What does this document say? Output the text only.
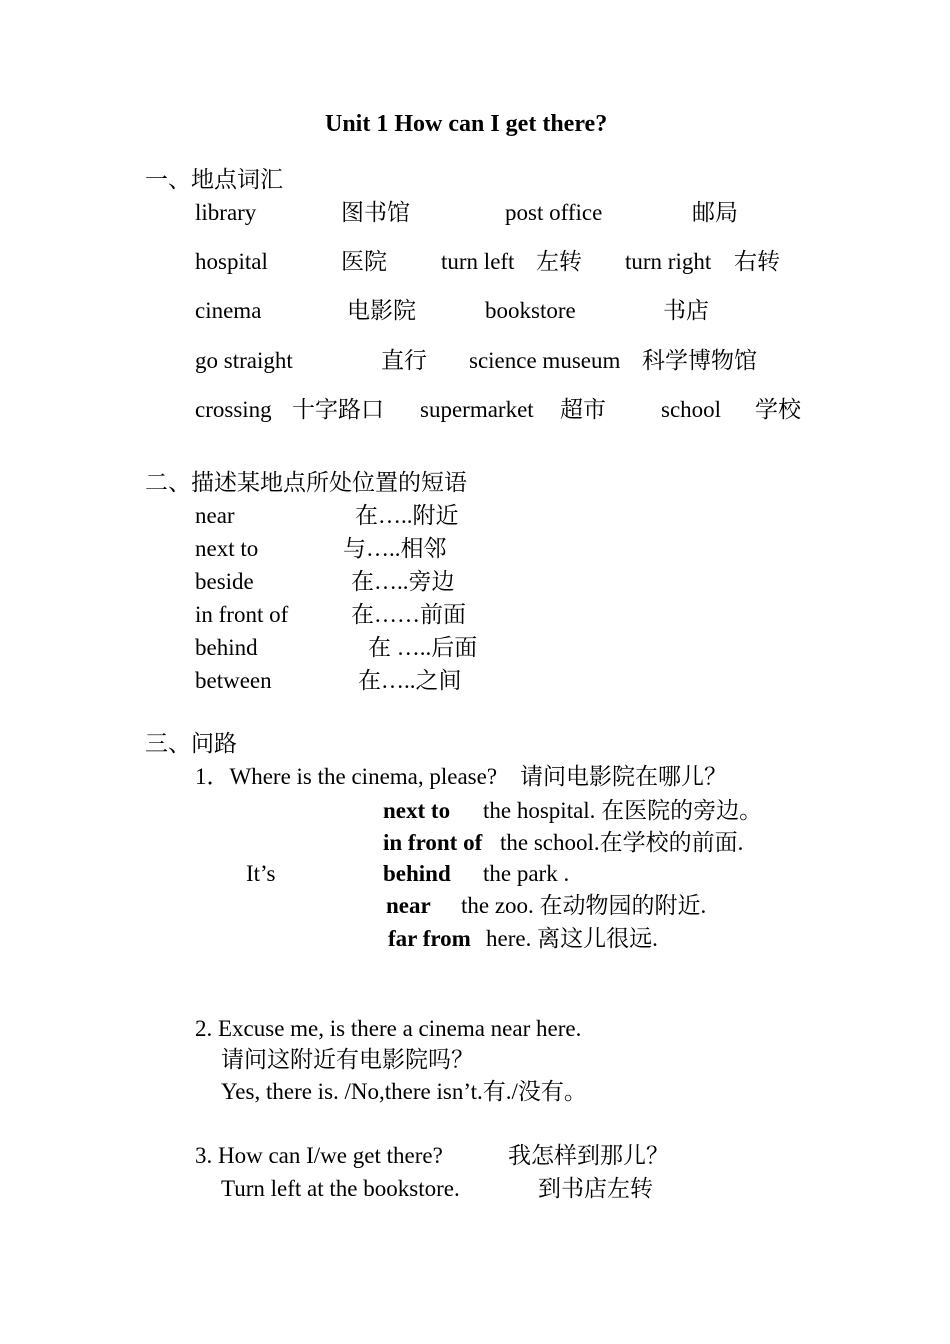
Unit 1 How can I get there?
一、地点词汇
library	图书馆	post office	邮局
hospital	医院 turn left 左转 turn right 右转
cinema	电影院	bookstore	书店
go straight	直行 science museum 科学博物馆
crossing 十字路口 supermarket 超市 school 学校
二、描述某地点所处位置的短语
near	在…..附近
next to	与…..相邻
beside	在…..旁边
in front of	在……前面
behind	在 …..后面
between	在…..之间
三、问路
1．Where is the cinema, please?　请问电影院在哪儿？
next to the hospital. 在医院的旁边。
in front of the school.在学校的前面.
It’s	behind the park .
near the zoo. 在动物园的附近.
far from here. 离这儿很远.
2. Excuse me, is there a cinema near here.
请问这附近有电影院吗？
Yes, there is. /No,there isn’t.有./没有。
3. How can I/we get there?	我怎样到那儿？
Turn left at the bookstore.	到书店左转
